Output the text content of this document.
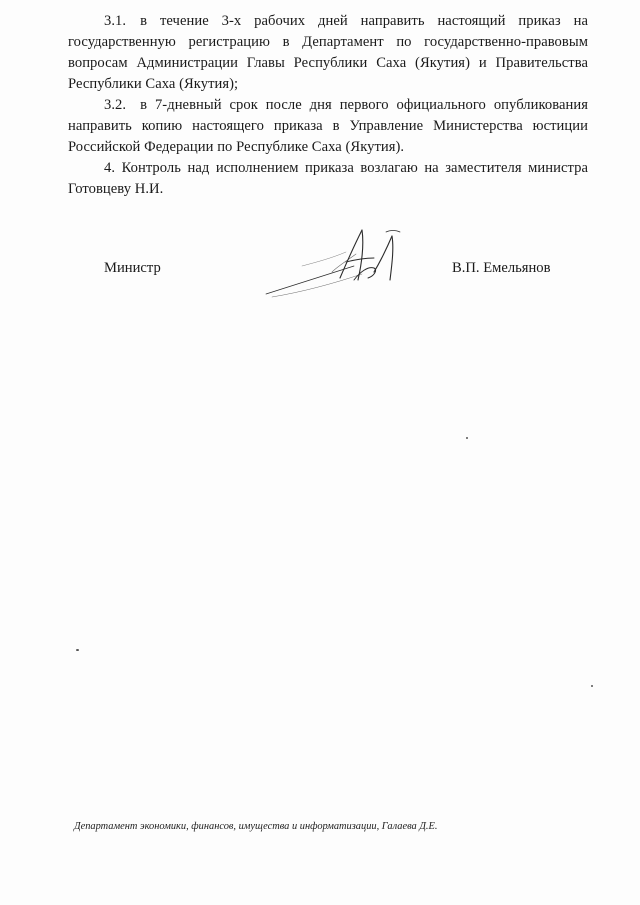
3.1. в течение 3-х рабочих дней направить настоящий приказ на государственную регистрацию в Департамент по государственно-правовым вопросам Администрации Главы Республики Саха (Якутия) и Правительства Республики Саха (Якутия);
3.2. в 7-дневный срок после дня первого официального опубликования направить копию настоящего приказа в Управление Министерства юстиции Российской Федерации по Республике Саха (Якутия).
4. Контроль над исполнением приказа возлагаю на заместителя министра Готовцеву Н.И.
Министр	В.П. Емельянов
Департамент экономики, финансов, имущества и информатизации, Галаева Д.Е.
